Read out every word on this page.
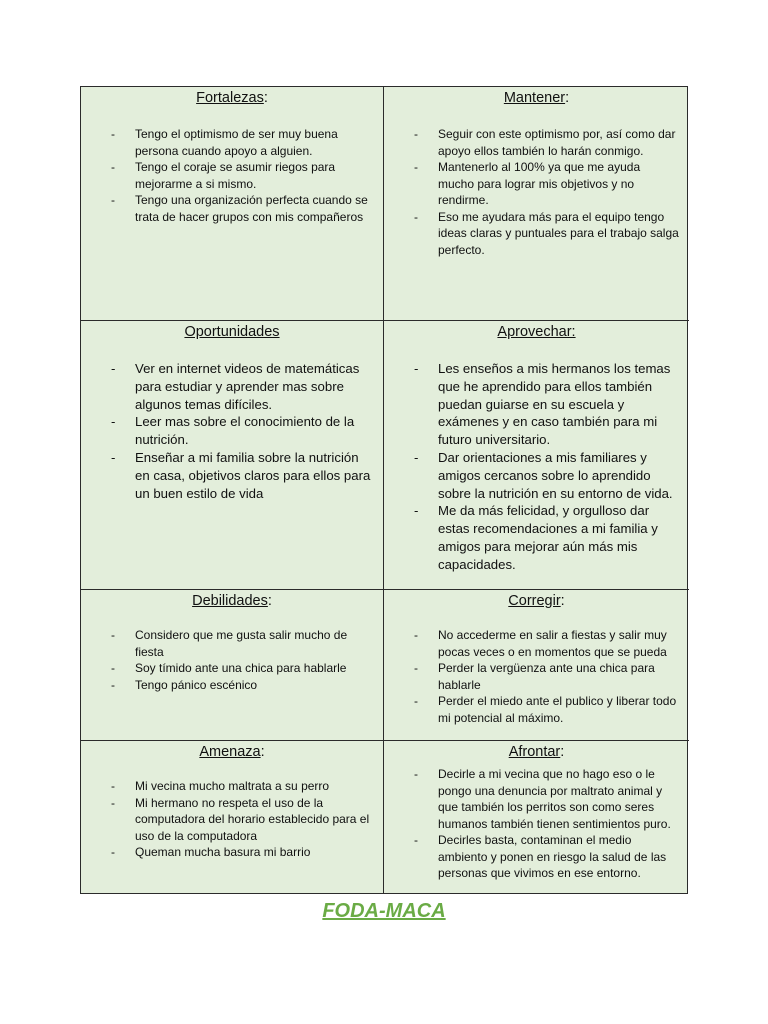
Fortalezas:
- Tengo el optimismo de ser muy buena persona cuando apoyo a alguien.
- Tengo el coraje se asumir riegos para mejorarme a si mismo.
- Tengo una organización perfecta cuando se trata de hacer grupos con mis compañeros
Mantener:
- Seguir con este optimismo por, así como dar apoyo ellos también lo harán conmigo.
- Mantenerlo al 100% ya que me ayuda mucho para lograr mis objetivos y no rendirme.
- Eso me ayudara más para el equipo tengo ideas claras y puntuales para el trabajo salga perfecto.
Oportunidades
- Ver en internet videos de matemáticas para estudiar y aprender mas sobre algunos temas difíciles.
- Leer mas sobre el conocimiento de la nutrición.
- Enseñar a mi familia sobre la nutrición en casa, objetivos claros para ellos para un buen estilo de vida
Aprovechar:
- Les enseños a mis hermanos los temas que he aprendido para ellos también puedan guiarse en su escuela y exámenes y en caso también para mi futuro universitario.
- Dar orientaciones a mis familiares y amigos cercanos sobre lo aprendido sobre la nutrición en su entorno de vida.
- Me da más felicidad, y orgulloso dar estas recomendaciones a mi familia y amigos para mejorar aún más mis capacidades.
Debilidades:
- Considero que me gusta salir mucho de fiesta
- Soy tímido ante una chica para hablarle
- Tengo pánico escénico
Corregir:
- No accederme en salir a fiestas y salir muy pocas veces o en momentos que se pueda
- Perder la vergüenza ante una chica para hablarle
- Perder el miedo ante el publico y liberar todo mi potencial al máximo.
Amenaza:
- Mi vecina mucho maltrata a su perro
- Mi hermano no respeta el uso de la computadora del horario establecido para el uso de la computadora
- Queman mucha basura mi barrio
Afrontar:
- Decirle a mi vecina que no hago eso o le pongo una denuncia por maltrato animal y que también los perritos son como seres humanos también tienen sentimientos puro.
- Decirles basta, contaminan el medio ambiento y ponen en riesgo la salud de las personas que vivimos en ese entorno.
FODA-MACA
